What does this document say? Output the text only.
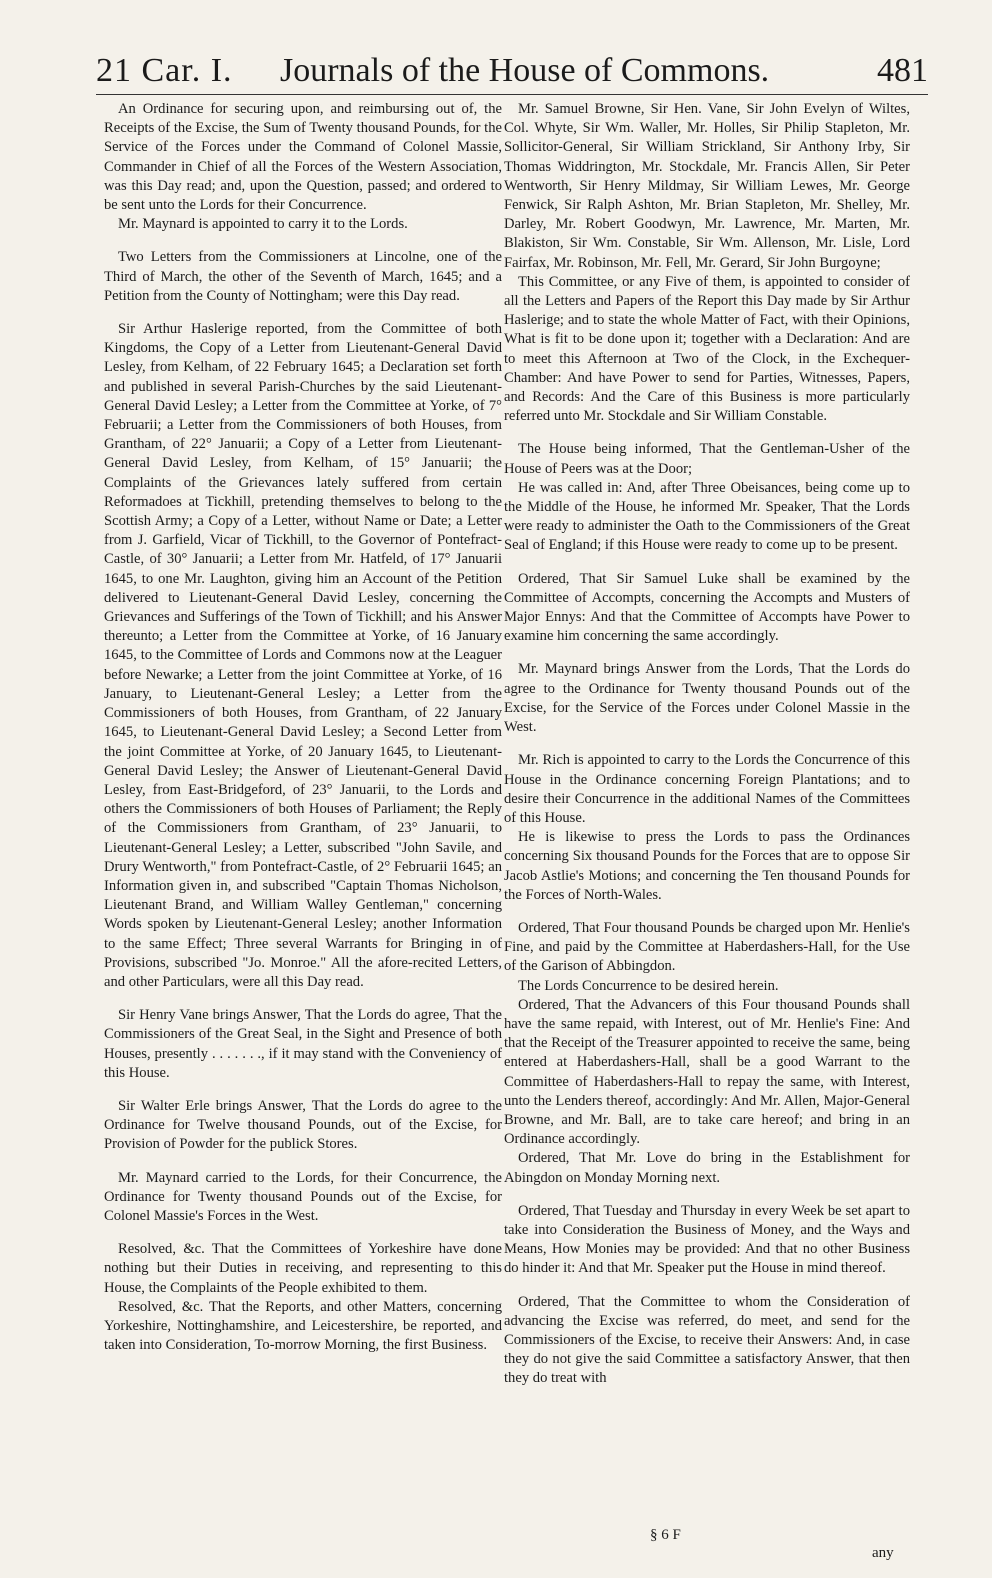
21 Car. I. Journals of the House of Commons.	481

An Ordinance for securing upon, and reimbursing out of, the Receipts of the Excise, the Sum of Twenty thousand Pounds, for the Service of the Forces under the Command of Colonel Massie, Commander in Chief of all the Forces of the Western Association, was this Day read; and, upon the Question, passed; and ordered to be sent unto the Lords for their Concurrence.

Mr. Maynard is appointed to carry it to the Lords.

Two Letters from the Commissioners at Lincolne, one of the Third of March, the other of the Seventh of March, 1645; and a Petition from the County of Nottingham; were this Day read.

Sir Arthur Haslerige reported, from the Committee of both Kingdoms, the Copy of a Letter from Lieutenant-General David Lesley, from Kelham, of 22 February 1645; a Declaration set forth and published in several Parish-Churches by the said Lieutenant-General David Lesley; a Letter from the Committee at Yorke, of 7° Februarii; a Letter from the Commissioners of both Houses, from Grantham, of 22° Januarii; a Copy of a Letter from Lieutenant-General David Lesley, from Kelham, of 15° Januarii; the Complaints of the Grievances lately suffered from certain Reformadoes at Tickhill, pretending themselves to belong to the Scottish Army; a Copy of a Letter, without Name or Date; a Letter from J. Garfield, Vicar of Tickhill, to the Governor of Pontefract-Castle, of 30° Januarii; a Letter from Mr. Hatfeld, of 17° Januarii 1645, to one Mr. Laughton, giving him an Account of the Petition delivered to Lieutenant-General David Lesley, concerning the Grievances and Sufferings of the Town of Tickhill; and his Answer thereunto; a Letter from the Committee at Yorke, of 16 January 1645, to the Committee of Lords and Commons now at the Leaguer before Newarke; a Letter from the joint Committee at Yorke, of 16 January, to Lieutenant-General Lesley; a Letter from the Commissioners of both Houses, from Grantham, of 22 January 1645, to Lieutenant-General David Lesley; a Second Letter from the joint Committee at Yorke, of 20 January 1645, to Lieutenant-General David Lesley; the Answer of Lieutenant-General David Lesley, from East-Bridgeford, of 23° Januarii, to the Lords and others the Commissioners of both Houses of Parliament; the Reply of the Commissioners from Grantham, of 23° Januarii, to Lieutenant-General Lesley; a Letter, subscribed "John Savile, and Drury Wentworth," from Pontefract-Castle, of 2° Februarii 1645; an Information given in, and subscribed "Captain Thomas Nicholson, Lieutenant Brand, and William Walley Gentleman," concerning Words spoken by Lieutenant-General Lesley; another Information to the same Effect; Three several Warrants for Bringing in of Provisions, subscribed "Jo. Monroe." All the afore-recited Letters, and other Particulars, were all this Day read.

Sir Henry Vane brings Answer, That the Lords do agree, That the Commissioners of the Great Seal, in the Sight and Presence of both Houses, presently . . . . . . ., if it may stand with the Conveniency of this House.

Sir Walter Erle brings Answer, That the Lords do agree to the Ordinance for Twelve thousand Pounds, out of the Excise, for Provision of Powder for the publick Stores.

Mr. Maynard carried to the Lords, for their Concurrence, the Ordinance for Twenty thousand Pounds out of the Excise, for Colonel Massie's Forces in the West.

Resolved, &c. That the Committees of Yorkeshire have done nothing but their Duties in receiving, and representing to this House, the Complaints of the People exhibited to them.

Resolved, &c. That the Reports, and other Matters, concerning Yorkeshire, Nottinghamshire, and Leicestershire, be reported, and taken into Consideration, To-morrow Morning, the first Business.

Mr. Samuel Browne, Sir Hen. Vane, Sir John Evelyn of Wiltes, Col. Whyte, Sir Wm. Waller, Mr. Holles, Sir Philip Stapleton, Mr. Sollicitor-General, Sir William Strickland, Sir Anthony Irby, Sir Thomas Widdrington, Mr. Stockdale, Mr. Francis Allen, Sir Peter Wentworth, Sir Henry Mildmay, Sir William Lewes, Mr. George Fenwick, Sir Ralph Ashton, Mr. Brian Stapleton, Mr. Shelley, Mr. Darley, Mr. Robert Goodwyn, Mr. Lawrence, Mr. Marten, Mr. Blakiston, Sir Wm. Constable, Sir Wm. Allenson, Mr. Lisle, Lord Fairfax, Mr. Robinson, Mr. Fell, Mr. Gerard, Sir John Burgoyne;

This Committee, or any Five of them, is appointed to consider of all the Letters and Papers of the Report this Day made by Sir Arthur Haslerige; and to state the whole Matter of Fact, with their Opinions, What is fit to be done upon it; together with a Declaration: And are to meet this Afternoon at Two of the Clock, in the Exchequer-Chamber: And have Power to send for Parties, Witnesses, Papers, and Records: And the Care of this Business is more particularly referred unto Mr. Stockdale and Sir William Constable.

The House being informed, That the Gentleman-Usher of the House of Peers was at the Door;

He was called in: And, after Three Obeisances, being come up to the Middle of the House, he informed Mr. Speaker, That the Lords were ready to administer the Oath to the Commissioners of the Great Seal of England; if this House were ready to come up to be present.

Ordered, That Sir Samuel Luke shall be examined by the Committee of Accompts, concerning the Accompts and Musters of Major Ennys: And that the Committee of Accompts have Power to examine him concerning the same accordingly.

Mr. Maynard brings Answer from the Lords, That the Lords do agree to the Ordinance for Twenty thousand Pounds out of the Excise, for the Service of the Forces under Colonel Massie in the West.

Mr. Rich is appointed to carry to the Lords the Concurrence of this House in the Ordinance concerning Foreign Plantations; and to desire their Concurrence in the additional Names of the Committees of this House.

He is likewise to press the Lords to pass the Ordinances concerning Six thousand Pounds for the Forces that are to oppose Sir Jacob Astlie's Motions; and concerning the Ten thousand Pounds for the Forces of North-Wales.

Ordered, That Four thousand Pounds be charged upon Mr. Henlie's Fine, and paid by the Committee at Haberdashers-Hall, for the Use of the Garison of Abbingdon.

The Lords Concurrence to be desired herein.

Ordered, That the Advancers of this Four thousand Pounds shall have the same repaid, with Interest, out of Mr. Henlie's Fine: And that the Receipt of the Treasurer appointed to receive the same, being entered at Haberdashers-Hall, shall be a good Warrant to the Committee of Haberdashers-Hall to repay the same, with Interest, unto the Lenders thereof, accordingly: And Mr. Allen, Major-General Browne, and Mr. Ball, are to take care hereof; and bring in an Ordinance accordingly.

Ordered, That Mr. Love do bring in the Establishment for Abingdon on Monday Morning next.

Ordered, That Tuesday and Thursday in every Week be set apart to take into Consideration the Business of Money, and the Ways and Means, How Monies may be provided: And that no other Business do hinder it: And that Mr. Speaker put the House in mind thereof.

Ordered, That the Committee to whom the Consideration of advancing the Excise was referred, do meet, and send for the Commissioners of the Excise, to receive their Answers: And, in case they do not give the said Committee a satisfactory Answer, that then they do treat with

§ 6 F
any
